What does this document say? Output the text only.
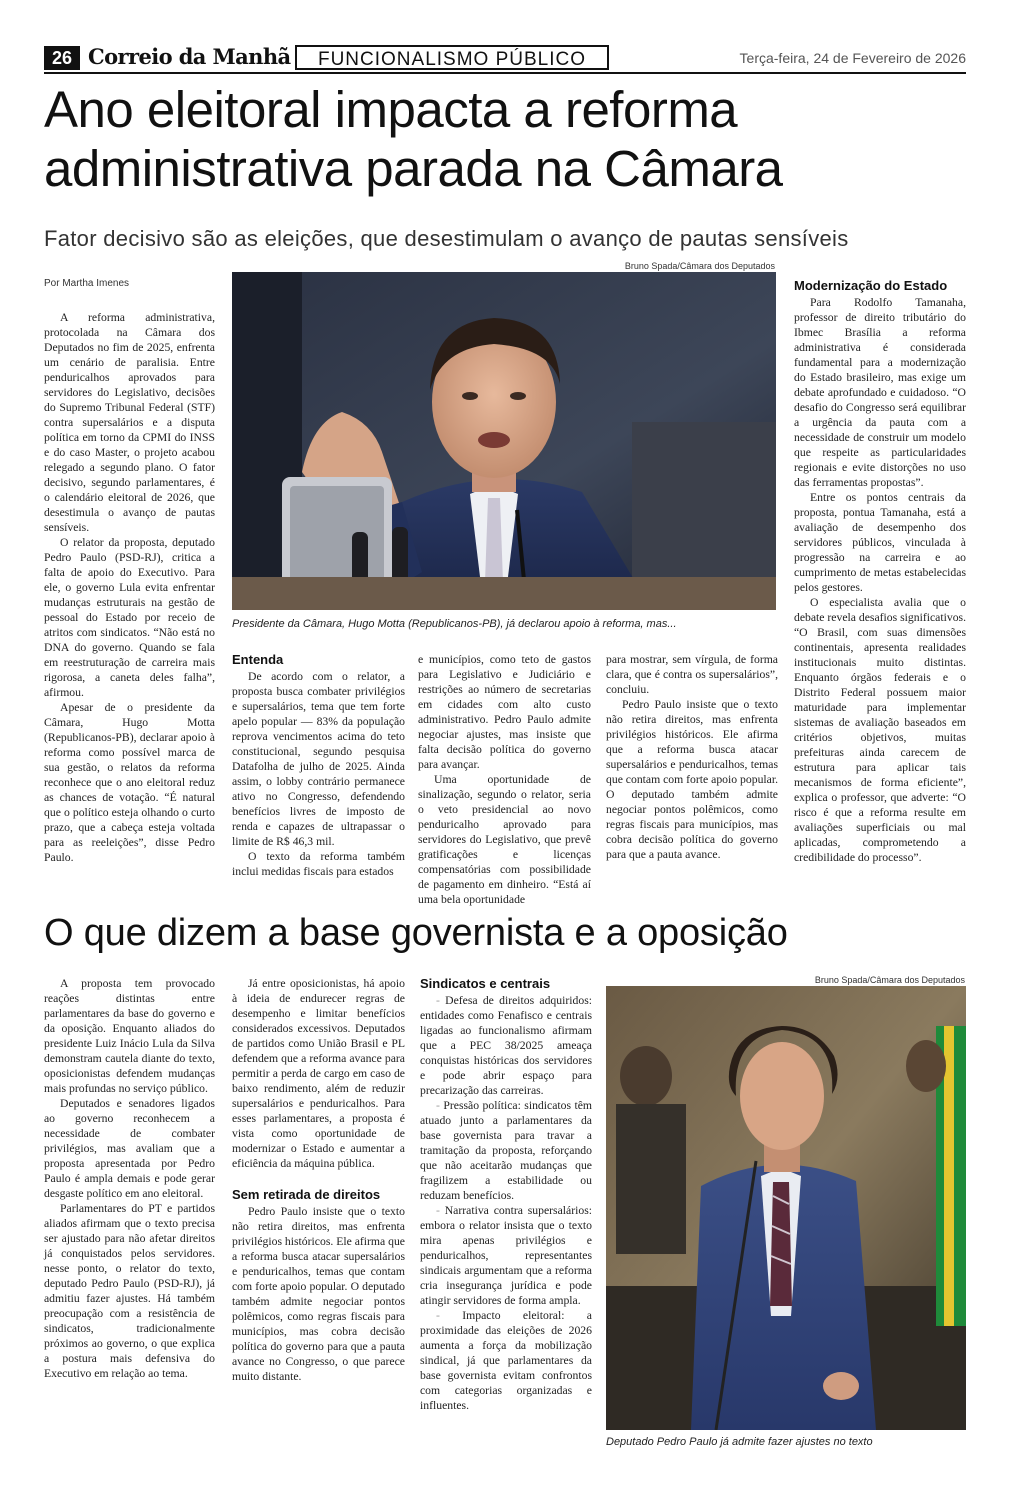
26 Correio da Manhã	FUNCIONALISMO PÚBLICO	Terça-feira, 24 de Fevereiro de 2026
Ano eleitoral impacta a reforma administrativa parada na Câmara
Fator decisivo são as eleições, que desestimulam o avanço de pautas sensíveis
Por Martha Imenes

A reforma administrativa, protocolada na Câmara dos Deputados no fim de 2025, enfrenta um cenário de paralisia. Entre penduricalhos aprovados para servidores do Legislativo, decisões do Supremo Tribunal Federal (STF) contra supersalários e a disputa política em torno da CPMI do INSS e do caso Master, o projeto acabou relegado a segundo plano. O fator decisivo, segundo parlamentares, é o calendário eleitoral de 2026, que desestimula o avanço de pautas sensíveis.

O relator da proposta, deputado Pedro Paulo (PSD-RJ), critica a falta de apoio do Executivo. Para ele, o governo Lula evita enfrentar mudanças estruturais na gestão de pessoal do Estado por receio de atritos com sindicatos. “Não está no DNA do governo. Quando se fala em reestruturação de carreira mais rigorosa, a caneta deles falha”, afirmou.

Apesar de o presidente da Câmara, Hugo Motta (Republicanos-PB), declarar apoio à reforma como possível marca de sua gestão, o relatos da reforma reconhece que o ano eleitoral reduz as chances de votação. “É natural que o político esteja olhando o curto prazo, que a cabeça esteja voltada para as reeleições”, disse Pedro Paulo.

Bruno Spada/Câmara dos Deputados
Presidente da Câmara, Hugo Motta (Republicanos-PB), já declarou apoio à reforma, mas...
Entenda

De acordo com o relator, a proposta busca combater privilégios e supersalários, tema que tem forte apelo popular — 83% da população reprova vencimentos acima do teto constitucional, segundo pesquisa Datafolha de julho de 2025. Ainda assim, o lobby contrário permanece ativo no Congresso, defendendo benefícios livres de imposto de renda e capazes de ultrapassar o limite de R$ 46,3 mil.

O texto da reforma também inclui medidas fiscais para estados

e municípios, como teto de gastos para Legislativo e Judiciário e restrições ao número de secretarias em cidades com alto custo administrativo. Pedro Paulo admite negociar ajustes, mas insiste que falta decisão política do governo para avançar.

Uma oportunidade de sinalização, segundo o relator, seria o veto presidencial ao novo penduricalho aprovado para servidores do Legislativo, que prevê gratificações e licenças compensatórias com possibilidade de pagamento em dinheiro. “Está aí uma bela oportunidade

para mostrar, sem vírgula, de forma clara, que é contra os supersalários”, concluiu.

Pedro Paulo insiste que o texto não retira direitos, mas enfrenta privilégios históricos. Ele afirma que a reforma busca atacar supersalários e penduricalhos, temas que contam com forte apoio popular. O deputado também admite negociar pontos polêmicos, como regras fiscais para municípios, mas cobra decisão política do governo para que a pauta avance.

Modernização do Estado

Para Rodolfo Tamanaha, professor de direito tributário do Ibmec Brasília a reforma administrativa é considerada fundamental para a modernização do Estado brasileiro, mas exige um debate aprofundado e cuidadoso. “O desafio do Congresso será equilibrar a urgência da pauta com a necessidade de construir um modelo que respeite as particularidades regionais e evite distorções no uso das ferramentas propostas”.

Entre os pontos centrais da proposta, pontua Tamanaha, está a avaliação de desempenho dos servidores públicos, vinculada à progressão na carreira e ao cumprimento de metas estabelecidas pelos gestores.

O especialista avalia que o debate revela desafios significativos. “O Brasil, com suas dimensões continentais, apresenta realidades institucionais muito distintas. Enquanto órgãos federais e o Distrito Federal possuem maior maturidade para implementar sistemas de avaliação baseados em critérios objetivos, muitas prefeituras ainda carecem de estrutura para aplicar tais mecanismos de forma eficiente”, explica o professor, que adverte: “O risco é que a reforma resulte em avaliações superficiais ou mal aplicadas, comprometendo a credibilidade do processo”.

O que dizem a base governista e a oposição

A proposta tem provocado reações distintas entre parlamentares da base do governo e da oposição. Enquanto aliados do presidente Luiz Inácio Lula da Silva demonstram cautela diante do texto, oposicionistas defendem mudanças mais profundas no serviço público.

Deputados e senadores ligados ao governo reconhecem a necessidade de combater privilégios, mas avaliam que a proposta apresentada por Pedro Paulo é ampla demais e pode gerar desgaste político em ano eleitoral.

Parlamentares do PT e partidos aliados afirmam que o texto precisa ser ajustado para não afetar direitos já conquistados pelos servidores. nesse ponto, o relator do texto, deputado Pedro Paulo (PSD-RJ), já admitiu fazer ajustes. Há também preocupação com a resistência de sindicatos, tradicionalmente próximos ao governo, o que explica a postura mais defensiva do Executivo em relação ao tema.

Já entre oposicionistas, há apoio à ideia de endurecer regras de desempenho e limitar benefícios considerados excessivos. Deputados de partidos como União Brasil e PL defendem que a reforma avance para permitir a perda de cargo em caso de baixo rendimento, além de reduzir supersalários e penduricalhos. Para esses parlamentares, a proposta é vista como oportunidade de modernizar o Estado e aumentar a eficiência da máquina pública.

Sem retirada de direitos

Pedro Paulo insiste que o texto não retira direitos, mas enfrenta privilégios históricos. Ele afirma que a reforma busca atacar supersalários e penduricalhos, temas que contam com forte apoio popular. O deputado também admite negociar pontos polêmicos, como regras fiscais para municípios, mas cobra decisão política do governo para que a pauta avance no Congresso, o que parece muito distante.

Sindicatos e centrais

- Defesa de direitos adquiridos: entidades como Fenafisco e centrais ligadas ao funcionalismo afirmam que a PEC 38/2025 ameaça conquistas históricas dos servidores e pode abrir espaço para precarização das carreiras.

- Pressão política: sindicatos têm atuado junto a parlamentares da base governista para travar a tramitação da proposta, reforçando que não aceitarão mudanças que fragilizem a estabilidade ou reduzam benefícios.

- Narrativa contra supersalários: embora o relator insista que o texto mira apenas privilégios e penduricalhos, representantes sindicais argumentam que a reforma cria insegurança jurídica e pode atingir servidores de forma ampla.

- Impacto eleitoral: a proximidade das eleições de 2026 aumenta a força da mobilização sindical, já que parlamentares da base governista evitam confrontos com categorias organizadas e influentes.

Bruno Spada/Câmara dos Deputados
Deputado Pedro Paulo já admite fazer ajustes no texto
